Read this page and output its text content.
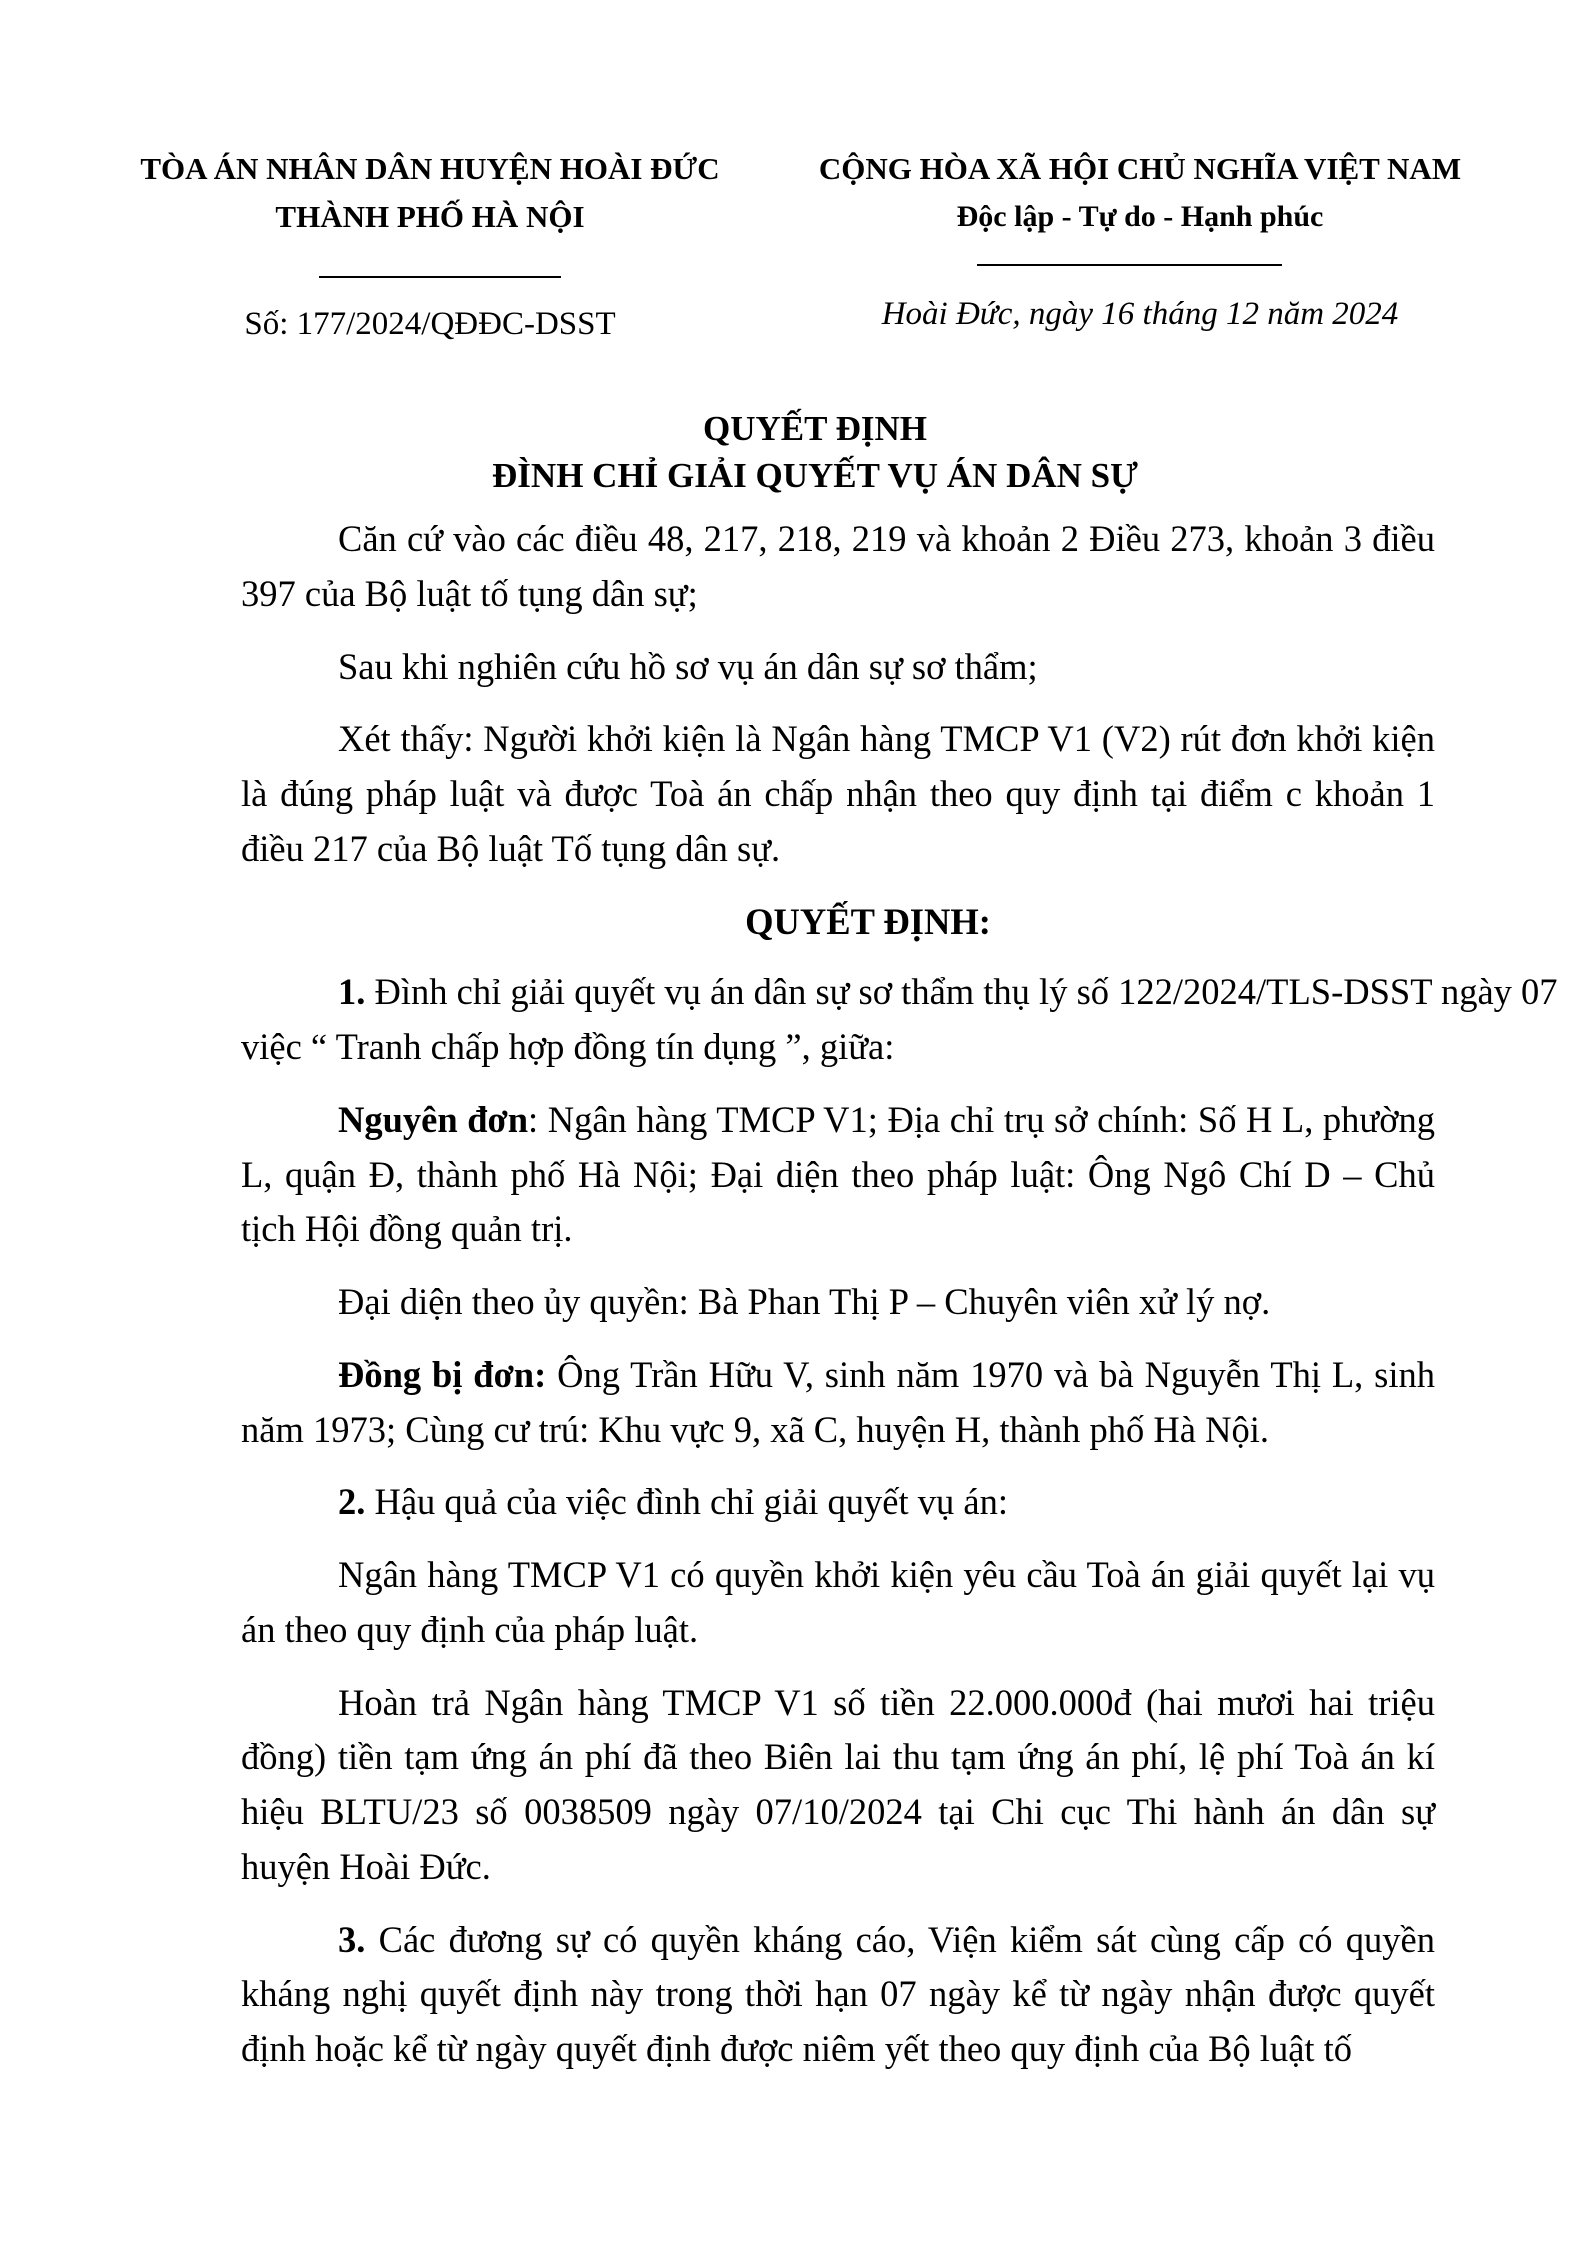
TÒA ÁN NHÂN DÂN HUYỆN HOÀI ĐỨC
THÀNH PHỐ HÀ NỘI
CỘNG HÒA XÃ HỘI CHỦ NGHĨA VIỆT NAM
Độc lập - Tự do - Hạnh phúc
Số: 177/2024/QĐĐC-DSST	Hoài Đức, ngày 16 tháng 12 năm 2024
QUYẾT ĐỊNH
ĐÌNH CHỈ GIẢI QUYẾT VỤ ÁN DÂN SỰ

Căn cứ vào các điều 48, 217, 218, 219 và khoản 2 Điều 273, khoản 3 điều 397 của Bộ luật tố tụng dân sự;

Sau khi nghiên cứu hồ sơ vụ án dân sự sơ thẩm;

Xét thấy: Người khởi kiện là Ngân hàng TMCP V1 (V2) rút đơn khởi kiện là đúng pháp luật và được Toà án chấp nhận theo quy định tại điểm c khoản 1 điều 217 của Bộ luật Tố tụng dân sự.

QUYẾT ĐỊNH:

1. Đình chỉ giải quyết vụ án dân sự sơ thẩm thụ lý số 122/2024/TLS-DSST ngày 07

việc “ Tranh chấp hợp đồng tín dụng ”, giữa:

Nguyên đơn: Ngân hàng TMCP V1; Địa chỉ trụ sở chính: Số H L, phường L, quận Đ, thành phố Hà Nội; Đại diện theo pháp luật: Ông Ngô Chí D – Chủ tịch Hội đồng quản trị.

Đại diện theo ủy quyền: Bà Phan Thị P – Chuyên viên xử lý nợ.

Đồng bị đơn: Ông Trần Hữu V, sinh năm 1970 và bà Nguyễn Thị L, sinh năm 1973; Cùng cư trú: Khu vực 9, xã C, huyện H, thành phố Hà Nội.

2. Hậu quả của việc đình chỉ giải quyết vụ án:

Ngân hàng TMCP V1 có quyền khởi kiện yêu cầu Toà án giải quyết lại vụ án theo quy định của pháp luật.

Hoàn trả Ngân hàng TMCP V1 số tiền 22.000.000đ (hai mươi hai triệu đồng) tiền tạm ứng án phí đã theo Biên lai thu tạm ứng án phí, lệ phí Toà án kí hiệu BLTU/23 số 0038509 ngày 07/10/2024 tại Chi cục Thi hành án dân sự huyện Hoài Đức.

3. Các đương sự có quyền kháng cáo, Viện kiểm sát cùng cấp có quyền kháng nghị quyết định này trong thời hạn 07 ngày kể từ ngày nhận được quyết định hoặc kể từ ngày quyết định được niêm yết theo quy định của Bộ luật tố
